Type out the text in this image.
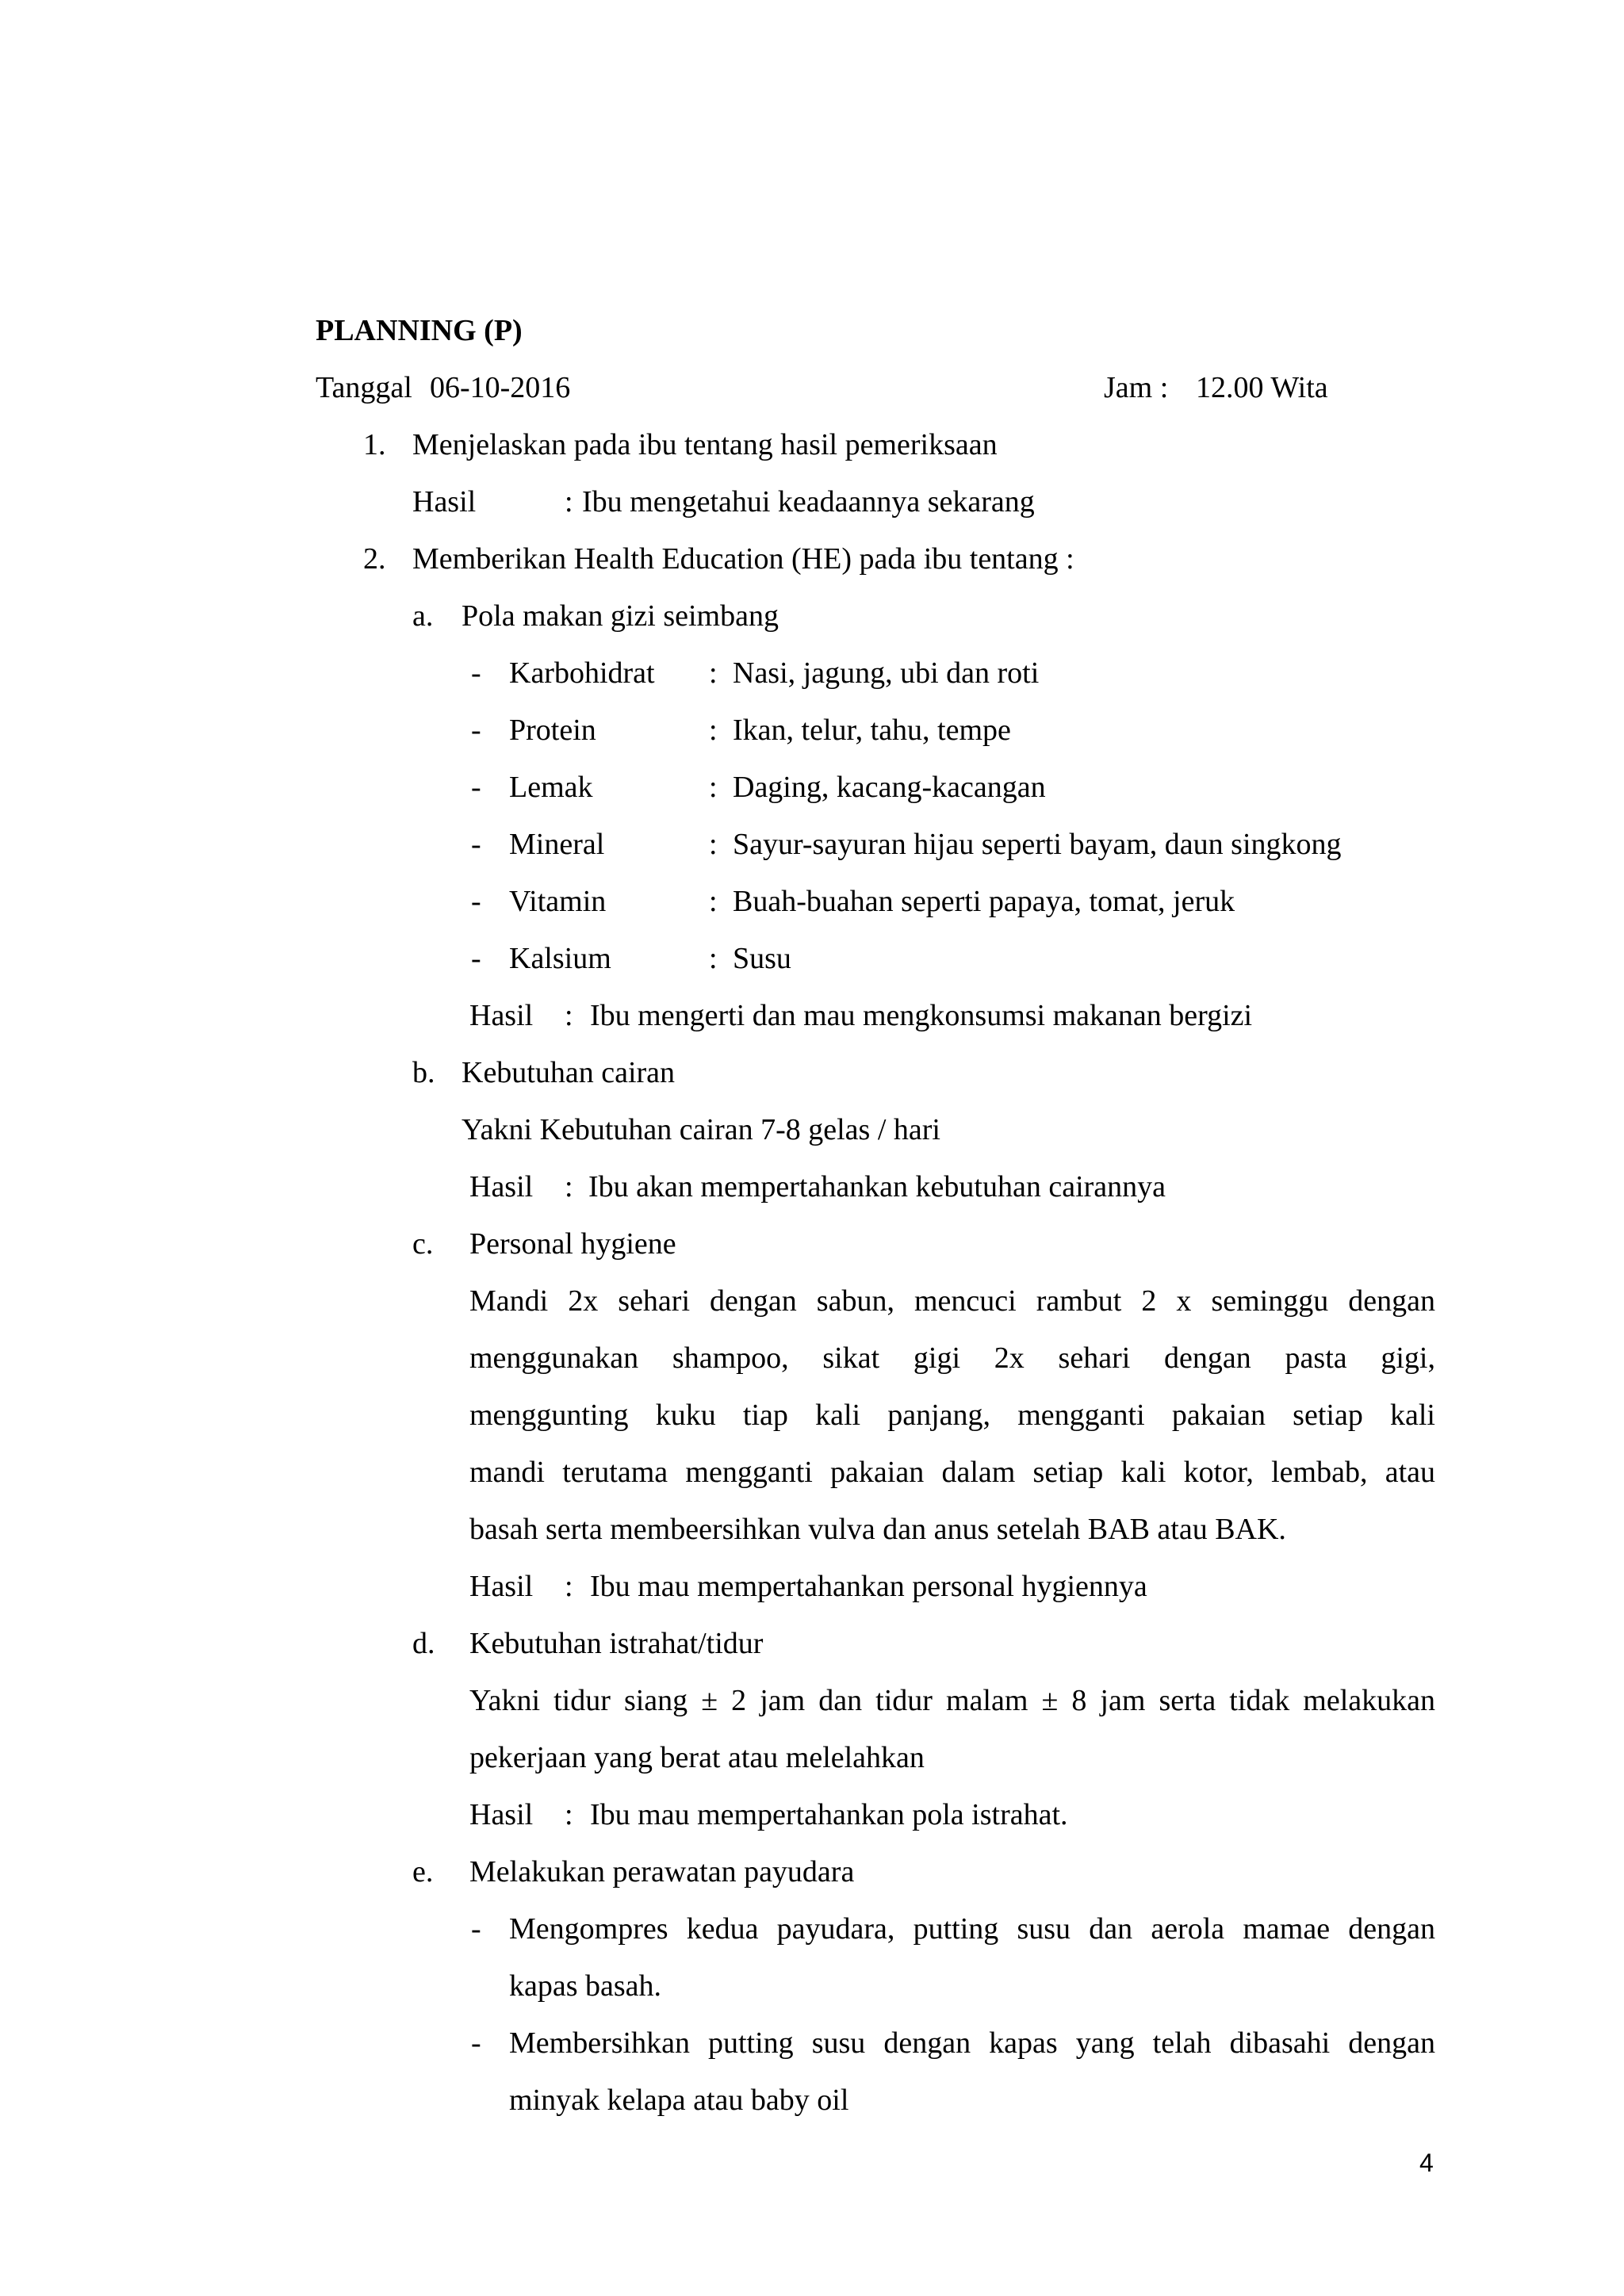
PLANNING (P)
Tanggal 06-10-2016	Jam : 12.00 Wita
1. Menjelaskan pada ibu tentang hasil pemeriksaan
Hasil	: Ibu mengetahui keadaannya sekarang
2. Memberikan Health Education (HE) pada ibu tentang :
a. Pola makan gizi seimbang
- Karbohidrat : Nasi, jagung, ubi dan roti
- Protein	: Ikan, telur, tahu, tempe
- Lemak	: Daging, kacang-kacangan
- Mineral	: Sayur-sayuran hijau seperti bayam, daun singkong
- Vitamin	: Buah-buahan seperti papaya, tomat, jeruk
- Kalsium	: Susu
Hasil : Ibu mengerti dan mau mengkonsumsi makanan bergizi
b. Kebutuhan cairan
Yakni Kebutuhan cairan 7-8 gelas / hari
Hasil : Ibu akan mempertahankan kebutuhan cairannya
c. Personal hygiene
Mandi 2x sehari dengan sabun, mencuci rambut 2 x seminggu dengan
menggunakan shampoo, sikat gigi 2x sehari dengan pasta gigi,
menggunting kuku tiap kali panjang, mengganti pakaian setiap kali
mandi terutama mengganti pakaian dalam setiap kali kotor, lembab, atau
basah serta membeersihkan vulva dan anus setelah BAB atau BAK.
Hasil : Ibu mau mempertahankan personal hygiennya
d. Kebutuhan istrahat/tidur
Yakni tidur siang ± 2 jam dan tidur malam ± 8 jam serta tidak melakukan
pekerjaan yang berat atau melelahkan
Hasil : Ibu mau mempertahankan pola istrahat.
e. Melakukan perawatan payudara
- Mengompres kedua payudara, putting susu dan aerola mamae dengan
kapas basah.
- Membersihkan putting susu dengan kapas yang telah dibasahi dengan
minyak kelapa atau baby oil
4
